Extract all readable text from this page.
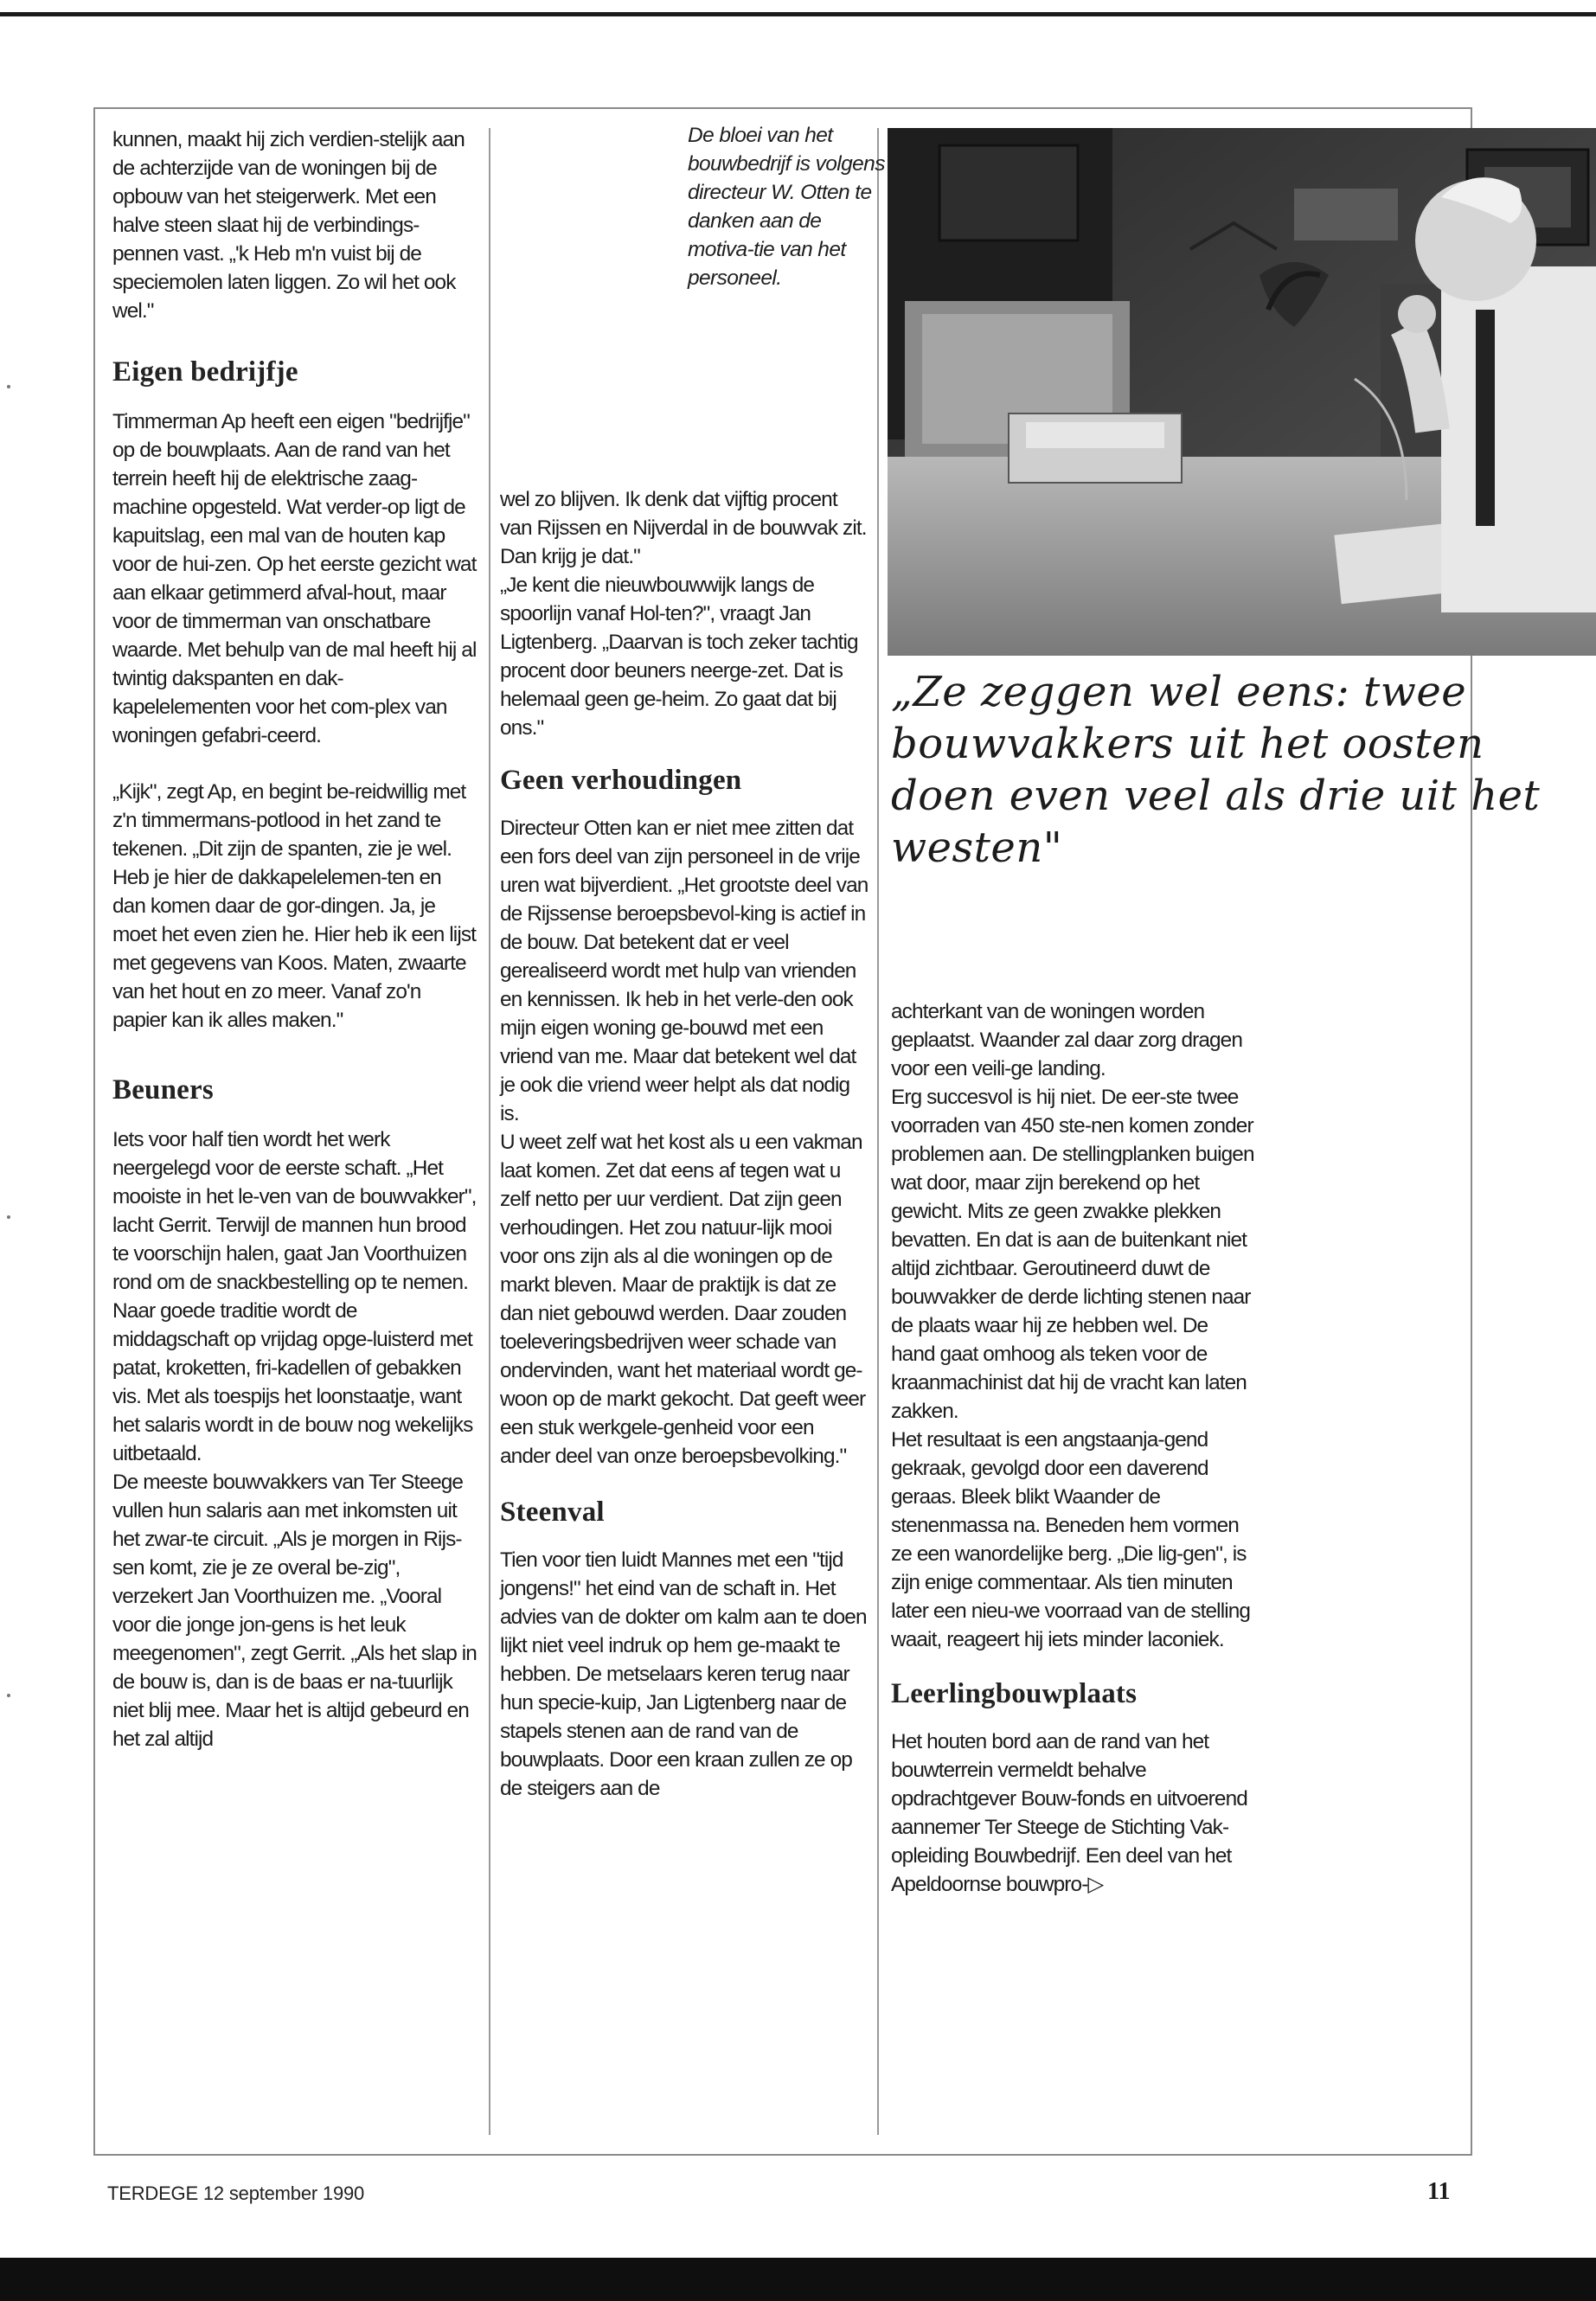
kunnen, maakt hij zich verdien-stelijk aan de achterzijde van de woningen bij de opbouw van het steigerwerk. Met een halve steen slaat hij de verbindings-pennen vast. „'k Heb m'n vuist bij de speciemolen laten liggen. Zo wil het ook wel."

Eigen bedrijfje

Timmerman Ap heeft een eigen "bedrijfje" op de bouwplaats. Aan de rand van het terrein heeft hij de elektrische zaag-machine opgesteld. Wat verder-op ligt de kapuitslag, een mal van de houten kap voor de hui-zen. Op het eerste gezicht wat aan elkaar getimmerd afval-hout, maar voor de timmerman van onschatbare waarde. Met behulp van de mal heeft hij al twintig dakspanten en dak-kapelelementen voor het com-plex van woningen gefabri-ceerd.

„Kijk", zegt Ap, en begint be-reidwillig met z'n timmermans-potlood in het zand te tekenen. „Dit zijn de spanten, zie je wel. Heb je hier de dakkapelelemen-ten en dan komen daar de gor-dingen. Ja, je moet het even zien he. Hier heb ik een lijst met gegevens van Koos. Maten, zwaarte van het hout en zo meer. Vanaf zo'n papier kan ik alles maken."

Beuners

Iets voor half tien wordt het werk neergelegd voor de eerste schaft. „Het mooiste in het le-ven van de bouwvakker", lacht Gerrit. Terwijl de mannen hun brood te voorschijn halen, gaat Jan Voorthuizen rond om de snackbestelling op te nemen. Naar goede traditie wordt de middagschaft op vrijdag opge-luisterd met patat, kroketten, fri-kadellen of gebakken vis. Met als toespijs het loonstaatje, want het salaris wordt in de bouw nog wekelijks uitbetaald.

De meeste bouwvakkers van Ter Steege vullen hun salaris aan met inkomsten uit het zwar-te circuit. „Als je morgen in Rijs-sen komt, zie je ze overal be-zig", verzekert Jan Voorthuizen me. „Vooral voor die jonge jon-gens is het leuk meegenomen", zegt Gerrit. „Als het slap in de bouw is, dan is de baas er na-tuurlijk niet blij mee. Maar het is altijd gebeurd en het zal altijd

De bloei van het bouwbedrijf is volgens directeur W. Otten te danken aan de motiva-tie van het personeel.

wel zo blijven. Ik denk dat vijftig procent van Rijssen en Nijverdal in de bouwvak zit. Dan krijg je dat."

„Je kent die nieuwbouwwijk langs de spoorlijn vanaf Hol-ten?", vraagt Jan Ligtenberg. „Daarvan is toch zeker tachtig procent door beuners neerge-zet. Dat is helemaal geen ge-heim. Zo gaat dat bij ons."

Geen verhoudingen

Directeur Otten kan er niet mee zitten dat een fors deel van zijn personeel in de vrije uren wat bijverdient. „Het grootste deel van de Rijssense beroepsbevol-king is actief in de bouw. Dat betekent dat er veel gerealiseerd wordt met hulp van vrienden en kennissen. Ik heb in het verle-den ook mijn eigen woning ge-bouwd met een vriend van me. Maar dat betekent wel dat je ook die vriend weer helpt als dat nodig is.

U weet zelf wat het kost als u een vakman laat komen. Zet dat eens af tegen wat u zelf netto per uur verdient. Dat zijn geen verhoudingen. Het zou natuur-lijk mooi voor ons zijn als al die woningen op de markt bleven. Maar de praktijk is dat ze dan niet gebouwd werden. Daar zouden toeleveringsbedrijven weer schade van ondervinden, want het materiaal wordt ge-woon op de markt gekocht. Dat geeft weer een stuk werkgele-genheid voor een ander deel van onze beroepsbevolking."

Steenval

Tien voor tien luidt Mannes met een "tijd jongens!" het eind van de schaft in. Het advies van de dokter om kalm aan te doen lijkt niet veel indruk op hem ge-maakt te hebben. De metselaars keren terug naar hun specie-kuip, Jan Ligtenberg naar de stapels stenen aan de rand van de bouwplaats. Door een kraan zullen ze op de steigers aan de

„Ze zeggen wel eens: twee bouwvakkers uit het oosten doen even veel als drie uit het westen"

achterkant van de woningen worden geplaatst. Waander zal daar zorg dragen voor een veili-ge landing.

Erg succesvol is hij niet. De eer-ste twee voorraden van 450 ste-nen komen zonder problemen aan. De stellingplanken buigen wat door, maar zijn berekend op het gewicht. Mits ze geen zwakke plekken bevatten. En dat is aan de buitenkant niet altijd zichtbaar. Geroutineerd duwt de bouwvakker de derde lichting stenen naar de plaats waar hij ze hebben wel. De hand gaat omhoog als teken voor de kraanmachinist dat hij de vracht kan laten zakken.

Het resultaat is een angstaanja-gend gekraak, gevolgd door een daverend geraas. Bleek blikt Waander de stenenmassa na. Beneden hem vormen ze een wanordelijke berg. „Die lig-gen", is zijn enige commentaar. Als tien minuten later een nieu-we voorraad van de stelling waait, reageert hij iets minder laconiek.

Leerlingbouwplaats

Het houten bord aan de rand van het bouwterrein vermeldt behalve opdrachtgever Bouw-fonds en uitvoerend aannemer Ter Steege de Stichting Vak-opleiding Bouwbedrijf. Een deel van het Apeldoornse bouwpro-▷

TERDEGE 12 september 1990	11
